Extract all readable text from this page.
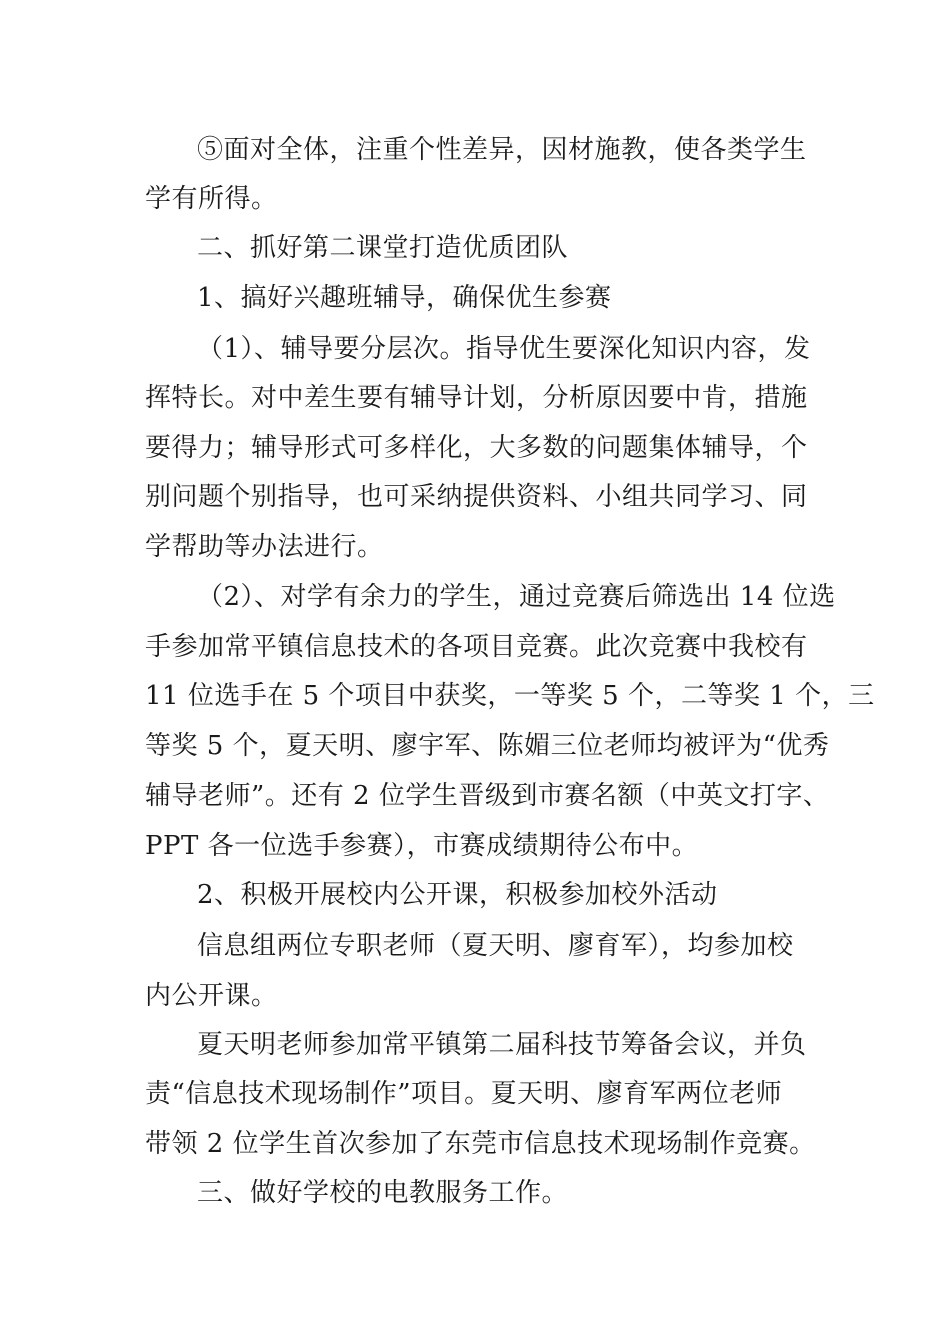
⑤面对全体，注重个性差异，因材施教，使各类学生
学有所得。
二、抓好第二课堂打造优质团队
1、搞好兴趣班辅导，确保优生参赛
（1）、辅导要分层次。指导优生要深化知识内容，发
挥特长。对中差生要有辅导计划，分析原因要中肯，措施
要得力；辅导形式可多样化，大多数的问题集体辅导，个
别问题个别指导，也可采纳提供资料、小组共同学习、同
学帮助等办法进行。
（2）、对学有余力的学生，通过竞赛后筛选出 14 位选
手参加常平镇信息技术的各项目竞赛。此次竞赛中我校有
11 位选手在 5 个项目中获奖，一等奖 5 个，二等奖 1 个，三
等奖 5 个，夏天明、廖宇军、陈媚三位老师均被评为“优秀
辅导老师”。还有 2 位学生晋级到市赛名额（中英文打字、
PPT 各一位选手参赛），市赛成绩期待公布中。
2、积极开展校内公开课，积极参加校外活动
信息组两位专职老师（夏天明、廖育军），均参加校
内公开课。
夏天明老师参加常平镇第二届科技节筹备会议，并负
责“信息技术现场制作”项目。夏天明、廖育军两位老师
带领 2 位学生首次参加了东莞市信息技术现场制作竞赛。
三、做好学校的电教服务工作。
